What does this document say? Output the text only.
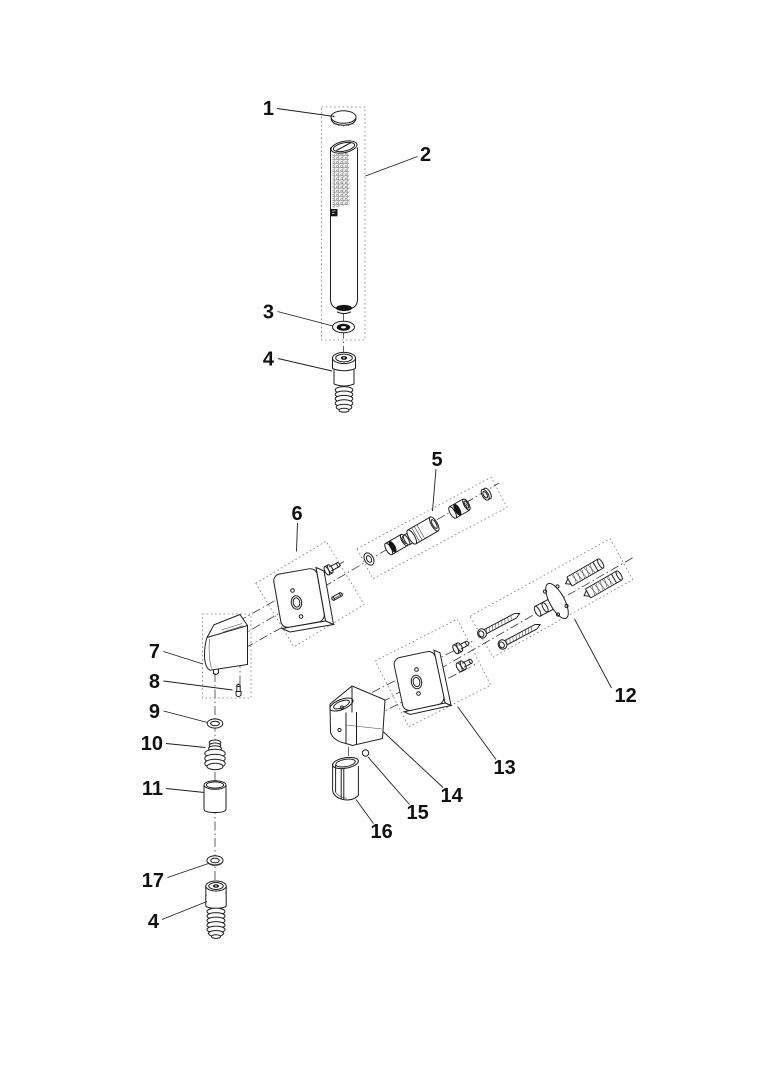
1
2
3
4
5
6
7
8
9
10
11
12
13
14
15
16
17
4
